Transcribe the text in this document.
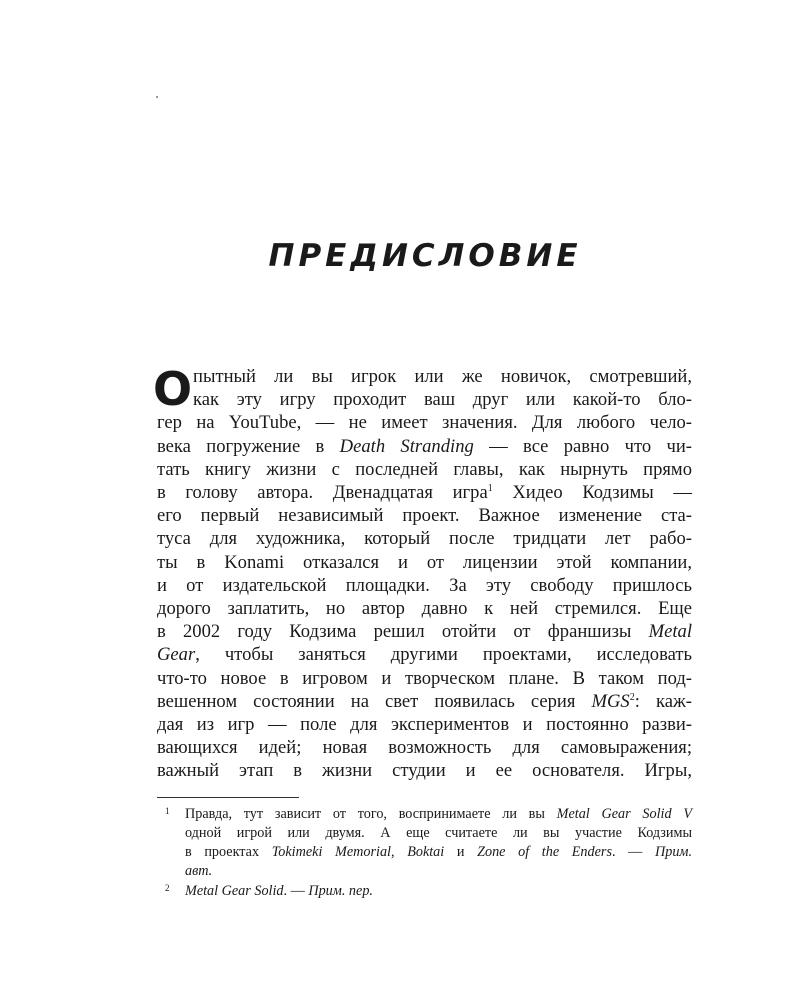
ПРЕДИСЛОВИЕ
О пытный ли вы игрок или же новичок, смотревший,
как эту игру проходит ваш друг или какой-то бло-
гер на YouTube, — не имеет значения. Для любого чело-
века погружение в Death Stranding — все равно что чи-
тать книгу жизни с последней главы, как нырнуть прямо
в голову автора. Двенадцатая игра$^1$ Хидео Кодзимы —
его первый независимый проект. Важное изменение ста-
туса для художника, который после тридцати лет рабо-
ты в Konami отказался и от лицензии этой компании,
и от издательской площадки. За эту свободу пришлось
дорого заплатить, но автор давно к ней стремился. Еще
в 2002 году Кодзима решил отойти от франшизы Metal
Gear, чтобы заняться другими проектами, исследовать
что-то новое в игровом и творческом плане. В таком под-
вешенном состоянии на свет появилась серия MGS$^2$: каж-
дая из игр — поле для экспериментов и постоянно разви-
вающихся идей; новая возможность для самовыражения;
важный этап в жизни студии и ее основателя. Игры,
1 Правда, тут зависит от того, воспринимаете ли вы Metal Gear Solid V
одной игрой или двумя. А еще считаете ли вы участие Кодзимы
в проектах Tokimeki Memorial, Boktai и Zone of the Enders. — Прим.
авт.
2 Metal Gear Solid. — Прим. пер.
